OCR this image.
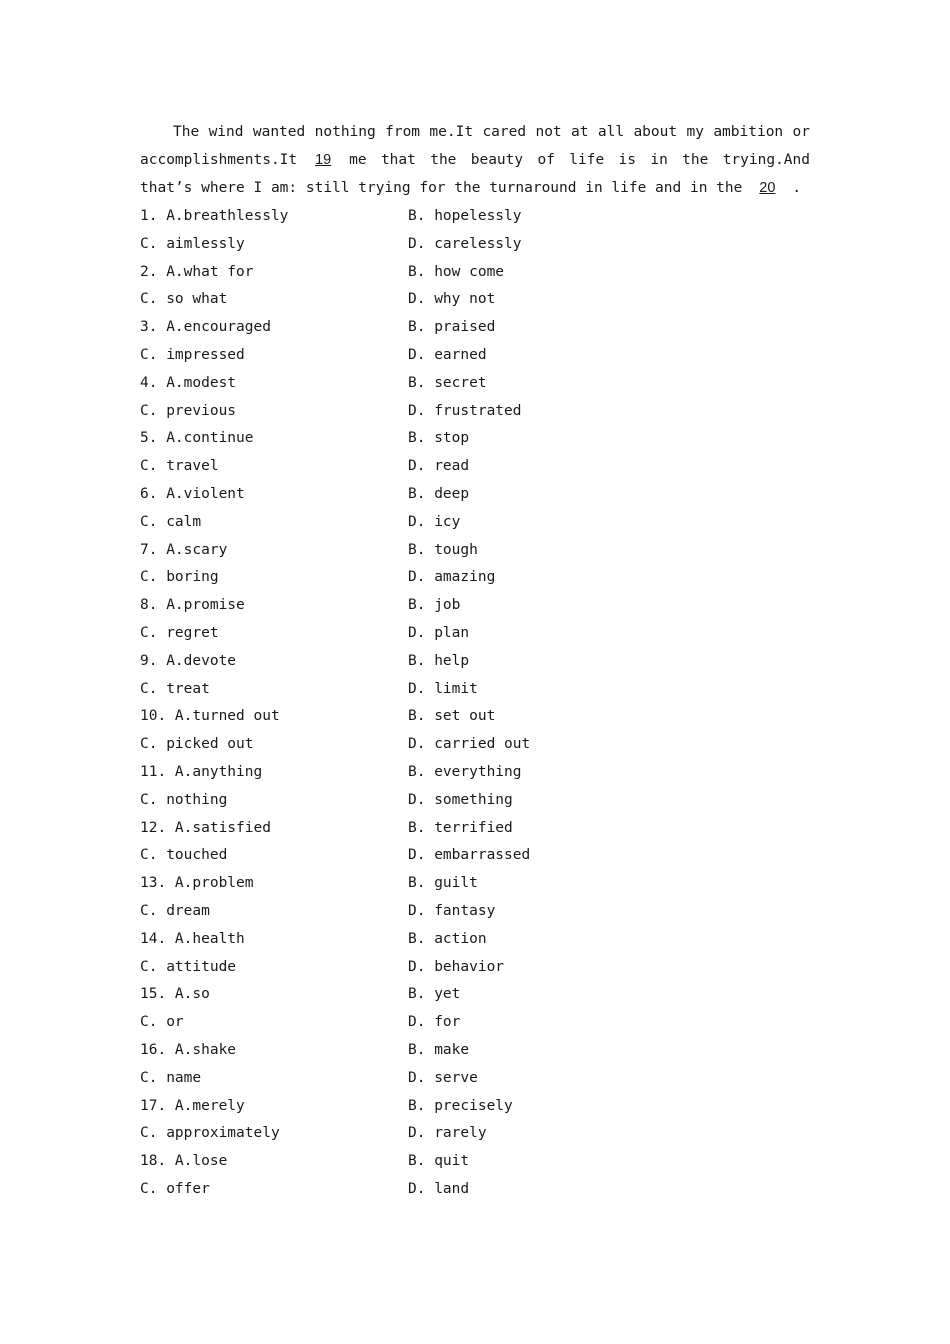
The wind wanted nothing from me.It cared not at all about my ambition or accomplishments.It 19 me that the beauty of life is in the trying.And that’s where I am: still trying for the turnaround in life and in the 20 .

1. A.breathlessly	B. hopelessly
C. aimlessly	D. carelessly
2. A.what for	B. how come
C. so what	D. why not
3. A.encouraged	B. praised
C. impressed	D. earned
4. A.modest	B. secret
C. previous	D. frustrated
5. A.continue	B. stop
C. travel	D. read
6. A.violent	B. deep
C. calm	D. icy
7. A.scary	B. tough
C. boring	D. amazing
8. A.promise	B. job
C. regret	D. plan
9. A.devote	B. help
C. treat	D. limit
10. A.turned out	B. set out
C. picked out	D. carried out
11. A.anything	B. everything
C. nothing	D. something
12. A.satisfied	B. terrified
C. touched	D. embarrassed
13. A.problem	B. guilt
C. dream	D. fantasy
14. A.health	B. action
C. attitude	D. behavior
15. A.so	B. yet
C. or	D. for
16. A.shake	B. make
C. name	D. serve
17. A.merely	B. precisely
C. approximately	D. rarely
18. A.lose	B. quit
C. offer	D. land
